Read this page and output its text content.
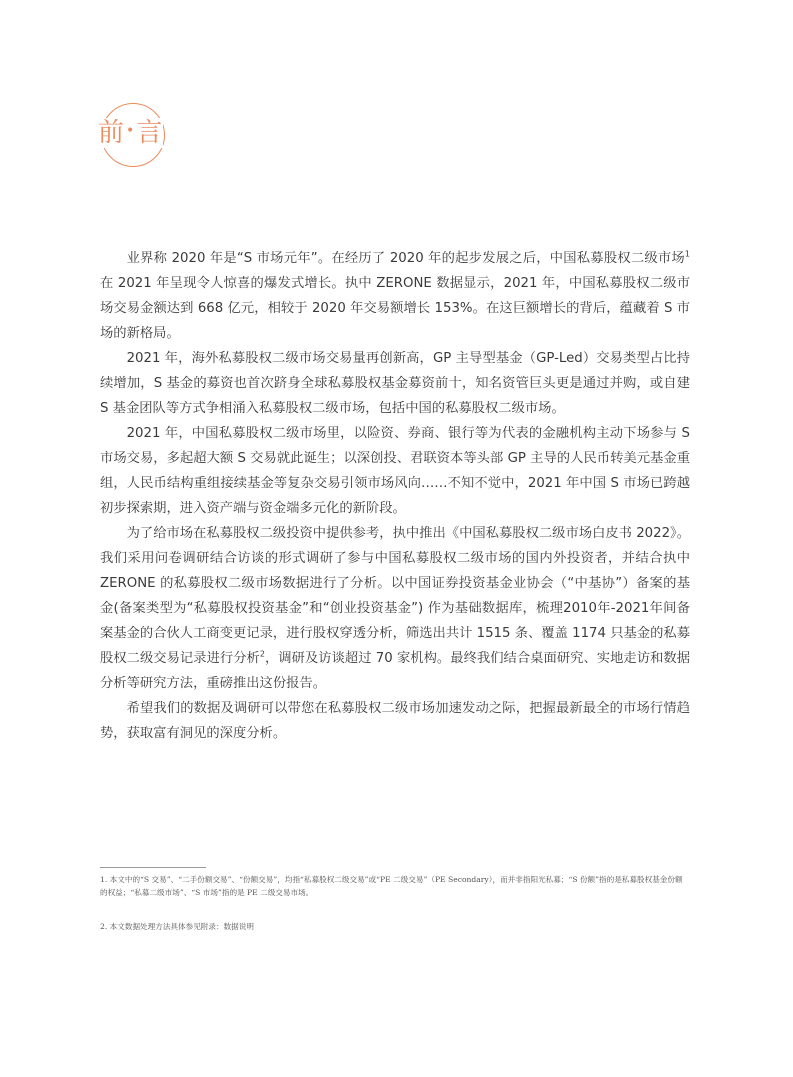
前•言

业界称 2020 年是“S 市场元年”。在经历了 2020 年的起步发展之后，中国私募股权二级市场$^1$在 2021 年呈现令人惊喜的爆发式增长。执中 ZERONE 数据显示，2021 年，中国私募股权二级市场交易金额达到 668 亿元，相较于 2020 年交易额增长 153%。在这巨额增长的背后，蕴藏着 S 市场的新格局。

2021 年，海外私募股权二级市场交易量再创新高，GP 主导型基金（GP-Led）交易类型占比持续增加，S 基金的募资也首次跻身全球私募股权基金募资前十，知名资管巨头更是通过并购，或自建 S 基金团队等方式争相涌入私募股权二级市场，包括中国的私募股权二级市场。

2021 年，中国私募股权二级市场里，以险资、券商、银行等为代表的金融机构主动下场参与 S 市场交易，多起超大额 S 交易就此诞生；以深创投、君联资本等头部 GP 主导的人民币转美元基金重组，人民币结构重组接续基金等复杂交易引领市场风向……不知不觉中，2021 年中国 S 市场已跨越初步探索期，进入资产端与资金端多元化的新阶段。

为了给市场在私募股权二级投资中提供参考，执中推出《中国私募股权二级市场白皮书 2022》。我们采用问卷调研结合访谈的形式调研了参与中国私募股权二级市场的国内外投资者，并结合执中 ZERONE 的私募股权二级市场数据进行了分析。以中国证券投资基金业协会（“中基协”）备案的基金(备案类型为“私募股权投资基金”和“创业投资基金”) 作为基础数据库，梳理2010年-2021年间备案基金的合伙人工商变更记录，进行股权穿透分析，筛选出共计 1515 条、覆盖 1174 只基金的私募股权二级交易记录进行分析$^2$，调研及访谈超过 70 家机构。最终我们结合桌面研究、实地走访和数据分析等研究方法，重磅推出这份报告。

希望我们的数据及调研可以带您在私募股权二级市场加速发动之际，把握最新最全的市场行情趋势，获取富有洞见的深度分析。

1. 本文中的“S 交易”、“二手份额交易”、“份额交易”，均指“私募股权二级交易”或“PE 二级交易”（PE Secondary），而并非指阳光私募；“S 份额”指的是私募股权基金份额的权益；“私募二级市场”、“S 市场”指的是 PE 二级交易市场。

2. 本文数据处理方法具体参见附录：数据说明
